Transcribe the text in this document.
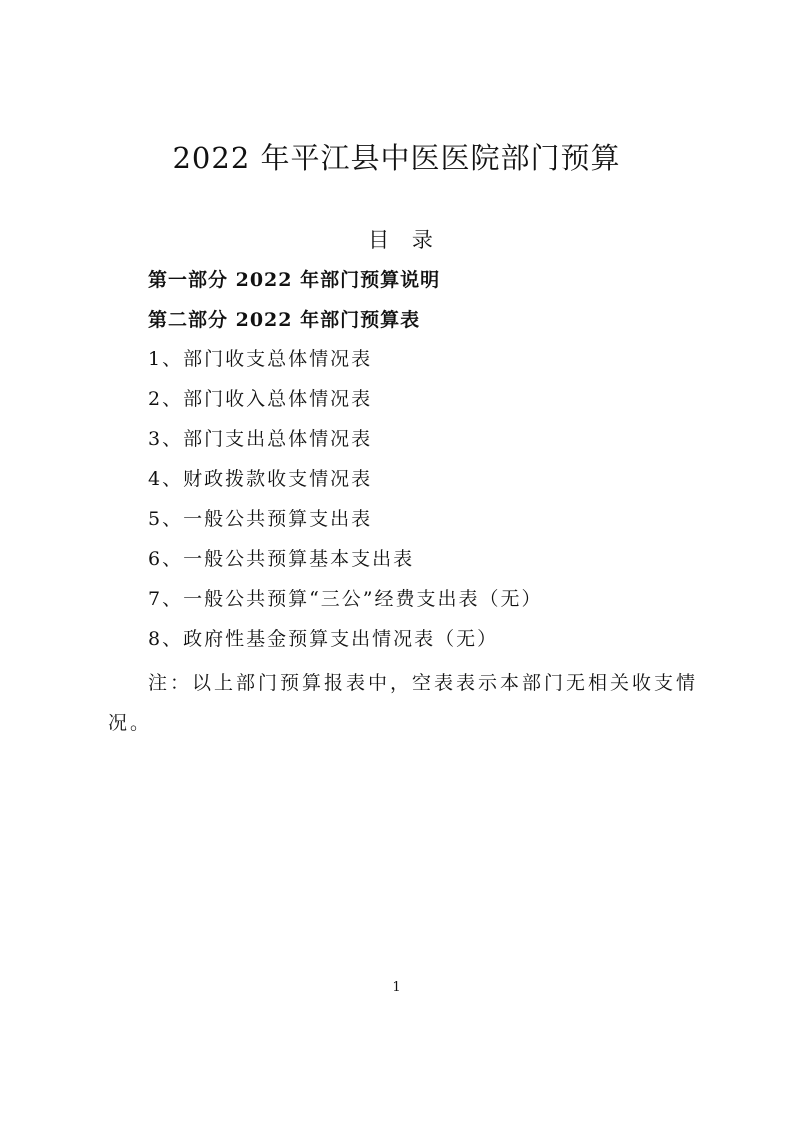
2022 年平江县中医医院部门预算
目 录
第一部分 2022 年部门预算说明
第二部分 2022 年部门预算表
1、部门收支总体情况表
2、部门收入总体情况表
3、部门支出总体情况表
4、财政拨款收支情况表
5、一般公共预算支出表
6、一般公共预算基本支出表
7、一般公共预算“三公”经费支出表（无）
8、政府性基金预算支出情况表（无）
注：以上部门预算报表中，空表表示本部门无相关收支情况。
1
